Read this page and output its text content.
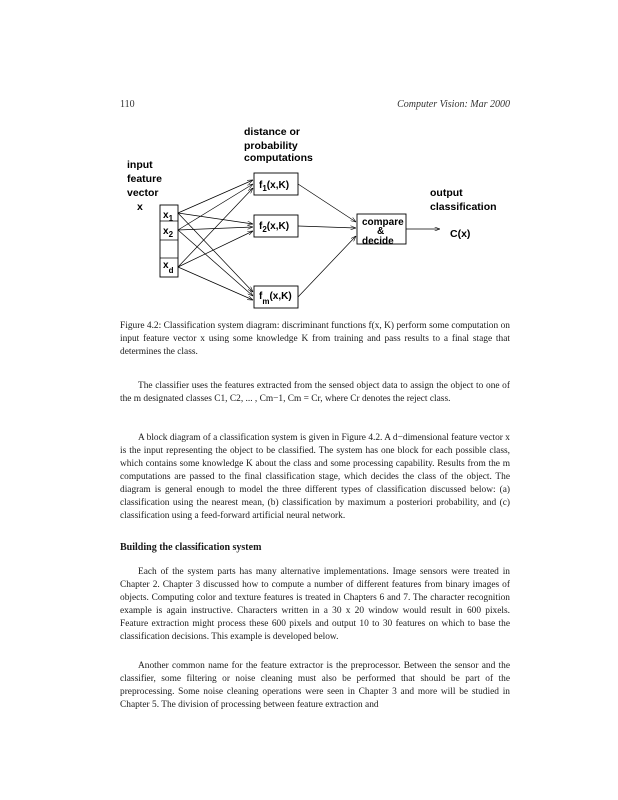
110	Computer Vision: Mar 2000
distance or
probability
computations
input
feature
vector
x
output
classification
$x_1$
$x_2$
$x_d$
$f_1(x,K)$
$f_2(x,K)$
$f_m(x,K)$
compare
&
decide
C(x)
Figure 4.2: Classification system diagram: discriminant functions f(x, K) perform some computation on input feature vector x using some knowledge K from training and pass results to a final stage that determines the class.

The classifier uses the features extracted from the sensed object data to assign the object to one of the m designated classes C1, C2, ... , Cm−1, Cm = Cr, where Cr denotes the reject class.

A block diagram of a classification system is given in Figure 4.2. A d−dimensional feature vector x is the input representing the object to be classified. The system has one block for each possible class, which contains some knowledge K about the class and some processing capability. Results from the m computations are passed to the final classification stage, which decides the class of the object. The diagram is general enough to model the three different types of classification discussed below: (a) classification using the nearest mean, (b) classification by maximum a posteriori probability, and (c) classification using a feed-forward artificial neural network.

Building the classification system

Each of the system parts has many alternative implementations. Image sensors were treated in Chapter 2. Chapter 3 discussed how to compute a number of different features from binary images of objects. Computing color and texture features is treated in Chapters 6 and 7. The character recognition example is again instructive. Characters written in a 30 x 20 window would result in 600 pixels. Feature extraction might process these 600 pixels and output 10 to 30 features on which to base the classification decisions. This example is developed below.

Another common name for the feature extractor is the preprocessor. Between the sensor and the classifier, some filtering or noise cleaning must also be performed that should be part of the preprocessing. Some noise cleaning operations were seen in Chapter 3 and more will be studied in Chapter 5. The division of processing between feature extraction and
